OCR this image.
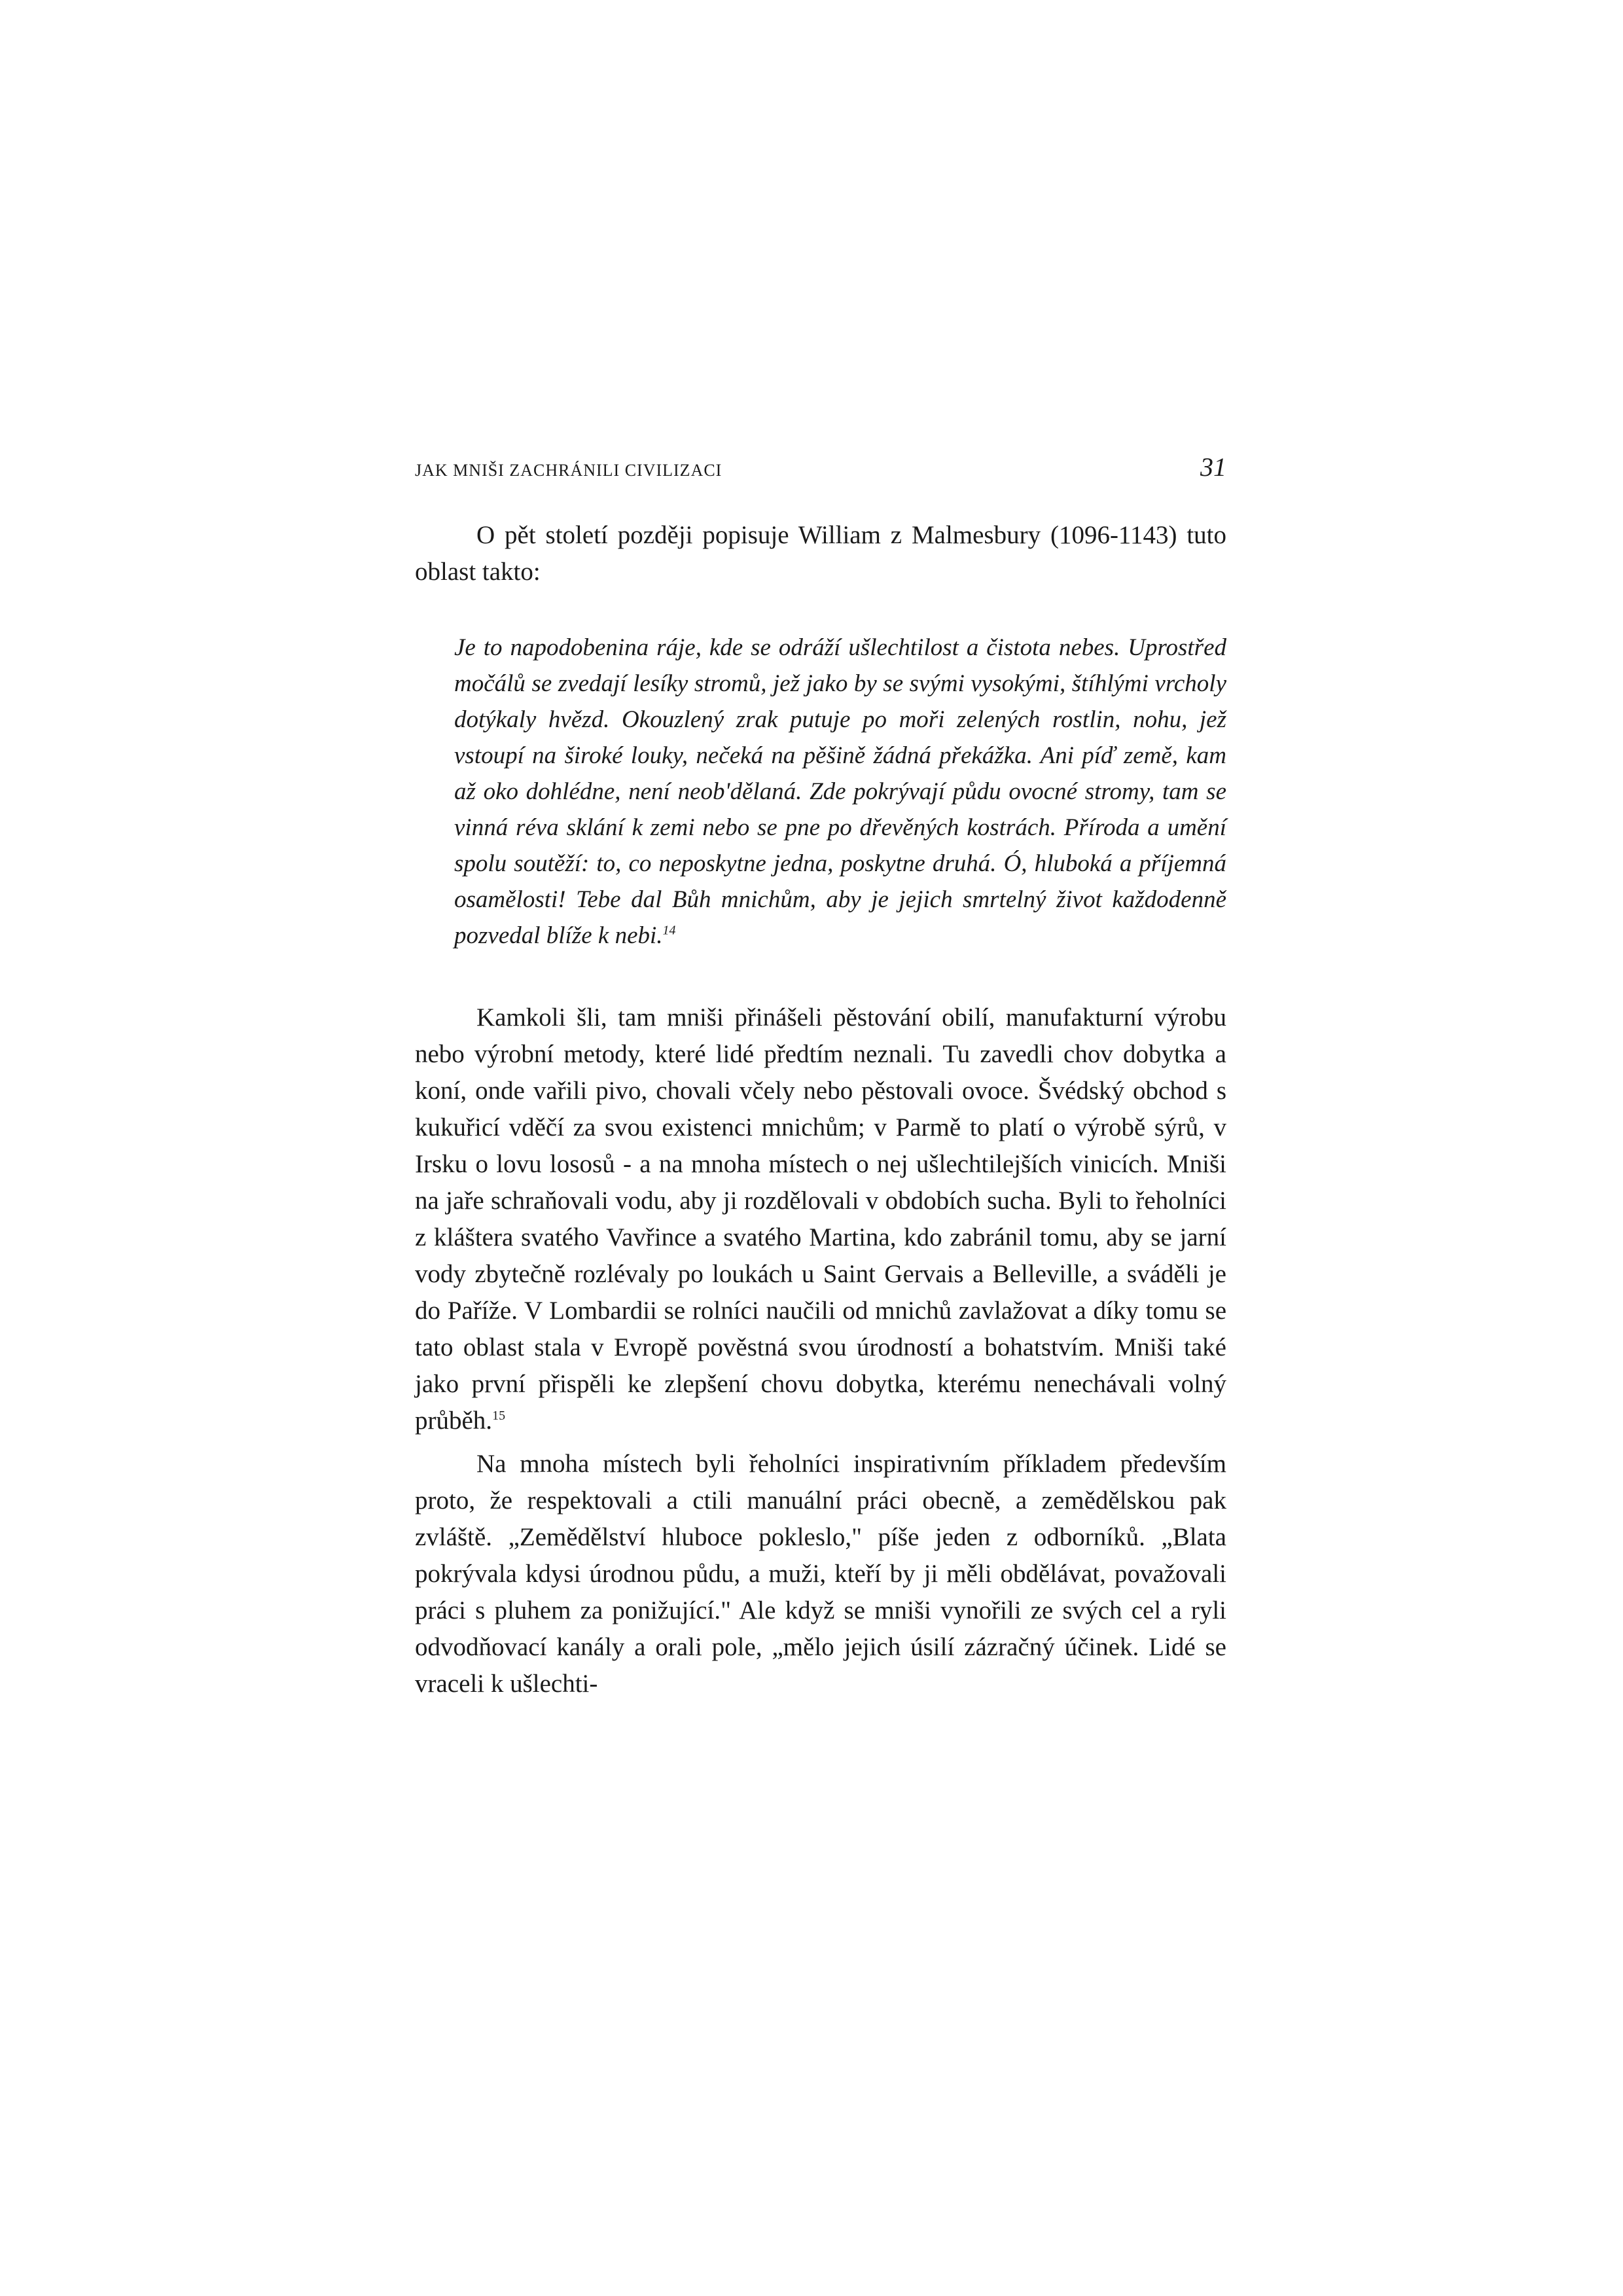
JAK MNIŠI ZACHRÁNILI CIVILIZACI	31

O pět století později popisuje William z Malmesbury (1096-1143) tuto oblast takto:

Je to napodobenina ráje, kde se odráží ušlechtilost a čistota nebes. Uprostřed močálů se zvedají lesíky stromů, jež jako by se svými vysokými, štíhlými vrcholy dotýkaly hvězd. Okouzlený zrak putuje po moři zelených rostlin, nohu, jež vstoupí na široké louky, nečeká na pěšině žádná překážka. Ani píď země, kam až oko dohlédne, není neob'dělaná. Zde pokrývají půdu ovocné stromy, tam se vinná réva sklání k zemi nebo se pne po dřevěných kostrách. Příroda a umění spolu soutěží: to, co neposkytne jedna, poskytne druhá. Ó, hluboká a příjemná osamělosti! Tebe dal Bůh mnichům, aby je jejich smrtelný život každodenně pozvedal blíže k nebi.$^{14}$

Kamkoli šli, tam mniši přinášeli pěstování obilí, manufakturní výrobu nebo výrobní metody, které lidé předtím neznali. Tu zavedli chov dobytka a koní, onde vařili pivo, chovali včely nebo pěstovali ovoce. Švédský obchod s kukuřicí vděčí za svou existenci mnichům; v Parmě to platí o výrobě sýrů, v Irsku o lovu lososů - a na mnoha místech o nej ušlechtilejších vinicích. Mniši na jaře schraňovali vodu, aby ji rozdělovali v obdobích sucha. Byli to řeholníci z kláštera svatého Vavřince a svatého Martina, kdo zabránil tomu, aby se jarní vody zbytečně rozlévaly po loukách u Saint Gervais a Belleville, a sváděli je do Paříže. V Lombardii se rolníci naučili od mnichů zavlažovat a díky tomu se tato oblast stala v Evropě pověstná svou úrodností a bohatstvím. Mniši také jako první přispěli ke zlepšení chovu dobytka, kterému nenechávali volný průběh.$^{15}$

Na mnoha místech byli řeholníci inspirativním příkladem především proto, že respektovali a ctili manuální práci obecně, a zemědělskou pak zvláště. „Zemědělství hluboce pokleslo," píše jeden z odborníků. „Blata pokrývala kdysi úrodnou půdu, a muži, kteří by ji měli obdělávat, považovali práci s pluhem za ponižující." Ale když se mniši vynořili ze svých cel a ryli odvodňovací kanály a orali pole, „mělo jejich úsilí zázračný účinek. Lidé se vraceli k ušlechti-
